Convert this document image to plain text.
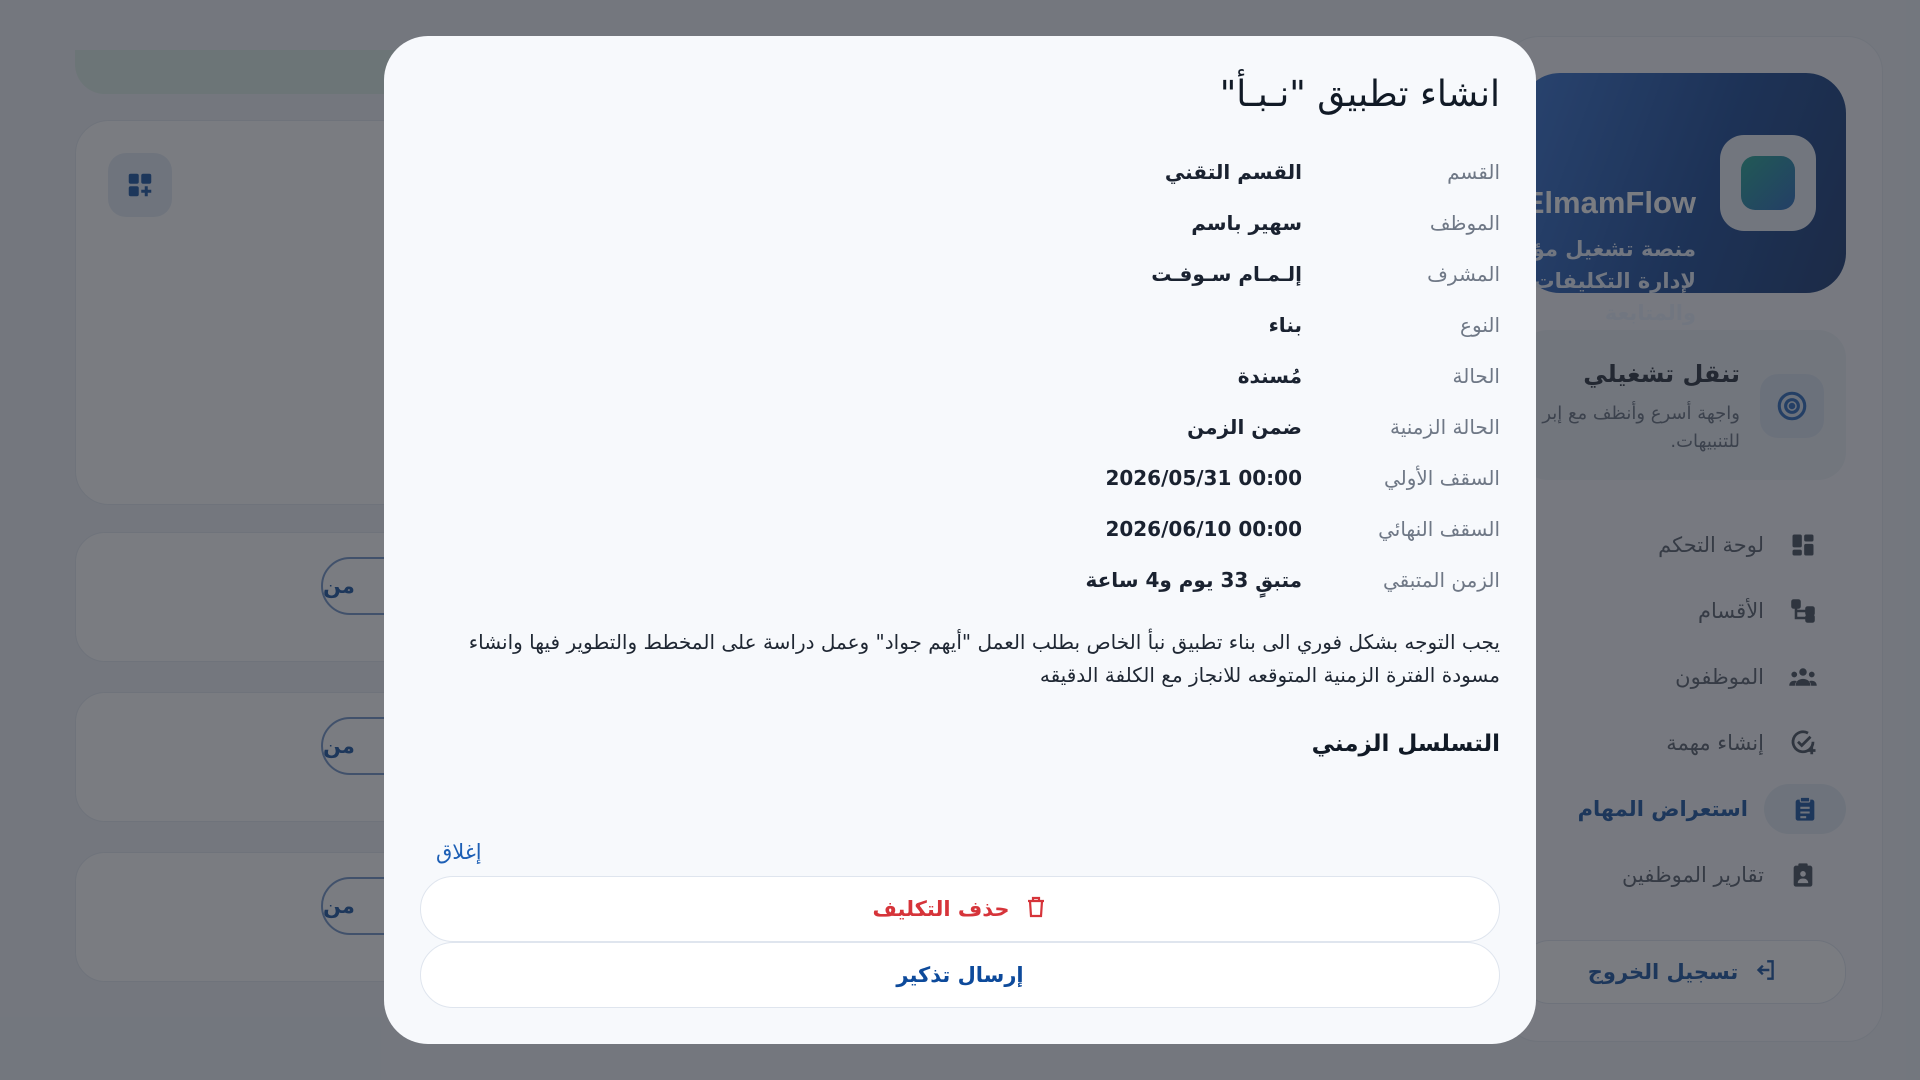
انشاء تطبيق "نـبـأ"
القسم
القسم التقني
الموظف
سهير باسم
المشرف
إلـمـام سـوفـت
النوع
بناء
الحالة
مُسندة
الحالة الزمنية
ضمن الزمن
السقف الأولي
2026/05/31 00:00
السقف النهائي
2026/06/10 00:00
الزمن المتبقي
متبقٍ 33 يوم و4 ساعة
يجب التوجه بشكل فوري الى بناء تطبيق نبأ الخاص بطلب العمل "أيهم جواد" وعمل دراسة على المخطط والتطوير فيها وانشاء مسودة الفترة الزمنية المتوقعه للانجاز مع الكلفة الدقيقه
التسلسل الزمني
إغلاق
حذف التكليف
إرسال تذكير
